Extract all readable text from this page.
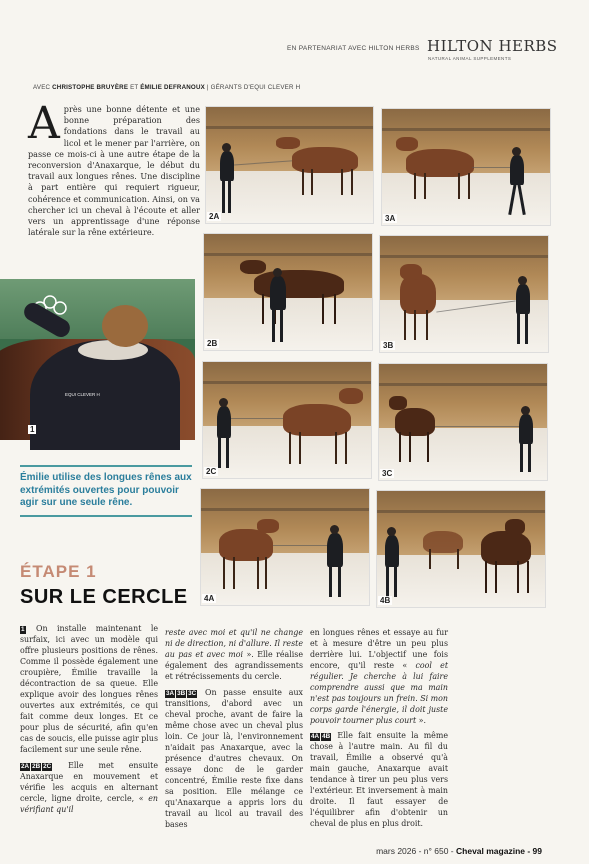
EN PARTENARIAT AVEC HILTON HERBS HILTON HERBS
NATURAL ANIMAL SUPPLEMENTS
AVEC CHRISTOPHE BRUYÈRE ET ÉMILIE DEFRANOUX | GÉRANTS D'EQUI CLEVER H
A près une bonne détente et une bonne préparation des fondations dans le travail au licol et le mener par l'arrière, on passe ce mois-ci à une autre étape de la reconversion d'Anaxarque, le début du travail aux longues rênes. Une discipline à part entière qui requiert rigueur, cohérence et communication. Ainsi, on va chercher ici un cheval à l'écoute et aller vers un apprentissage d'une réponse latérale sur la rêne extérieure.
EQUI CLEVER H
1
2A	3A
2B	3B
2C	3C
4A	4B
Émilie utilise des longues rênes aux extrémités ouvertes pour pouvoir agir sur une seule rêne.
ÉTAPE 1
SUR LE CERCLE

1 On installe maintenant le surfaix, ici avec un modèle qui offre plusieurs positions de rênes. Comme il possède également une croupière, Émilie travaille la décontraction de sa queue. Elle explique avoir des longues rênes ouvertes aux extrémités, ce qui fait comme deux longes. Et ce pour plus de sécurité, afin qu'en cas de soucis, elle puisse agir plus facilement sur une seule rêne.

2A 2B 2C Elle met ensuite Anaxarque en mouvement et vérifie les acquis en alternant cercle, ligne droite, cercle, « en vérifiant qu'il

reste avec moi et qu'il ne change ni de direction, ni d'allure. Il reste au pas et avec moi ». Elle réalise également des agrandissements et rétrécissements du cercle.

3A 3B 3C On passe ensuite aux transitions, d'abord avec un cheval proche, avant de faire la même chose avec un cheval plus loin. Ce jour là, l'environnement n'aidait pas Anaxarque, avec la présence d'autres chevaux. On essaye donc de le garder concentré, Émilie reste fixe dans sa position. Elle mélange ce qu'Anaxarque a appris lors du travail au licol au travail des bases

en longues rênes et essaye au fur et à mesure d'être un peu plus derrière lui. L'objectif une fois encore, qu'il reste « cool et régulier. Je cherche à lui faire comprendre aussi que ma main n'est pas toujours un frein. Si mon corps garde l'énergie, il doit juste pouvoir tourner plus court ».

4A 4B Elle fait ensuite la même chose à l'autre main. Au fil du travail, Émilie a observé qu'à main gauche, Anaxarque avait tendance à tirer un peu plus vers l'extérieur. Et inversement à main droite. Il faut essayer de l'équilibrer afin d'obtenir un cheval de plus en plus droit.

mars 2026 - n° 650 - Cheval magazine - 99
